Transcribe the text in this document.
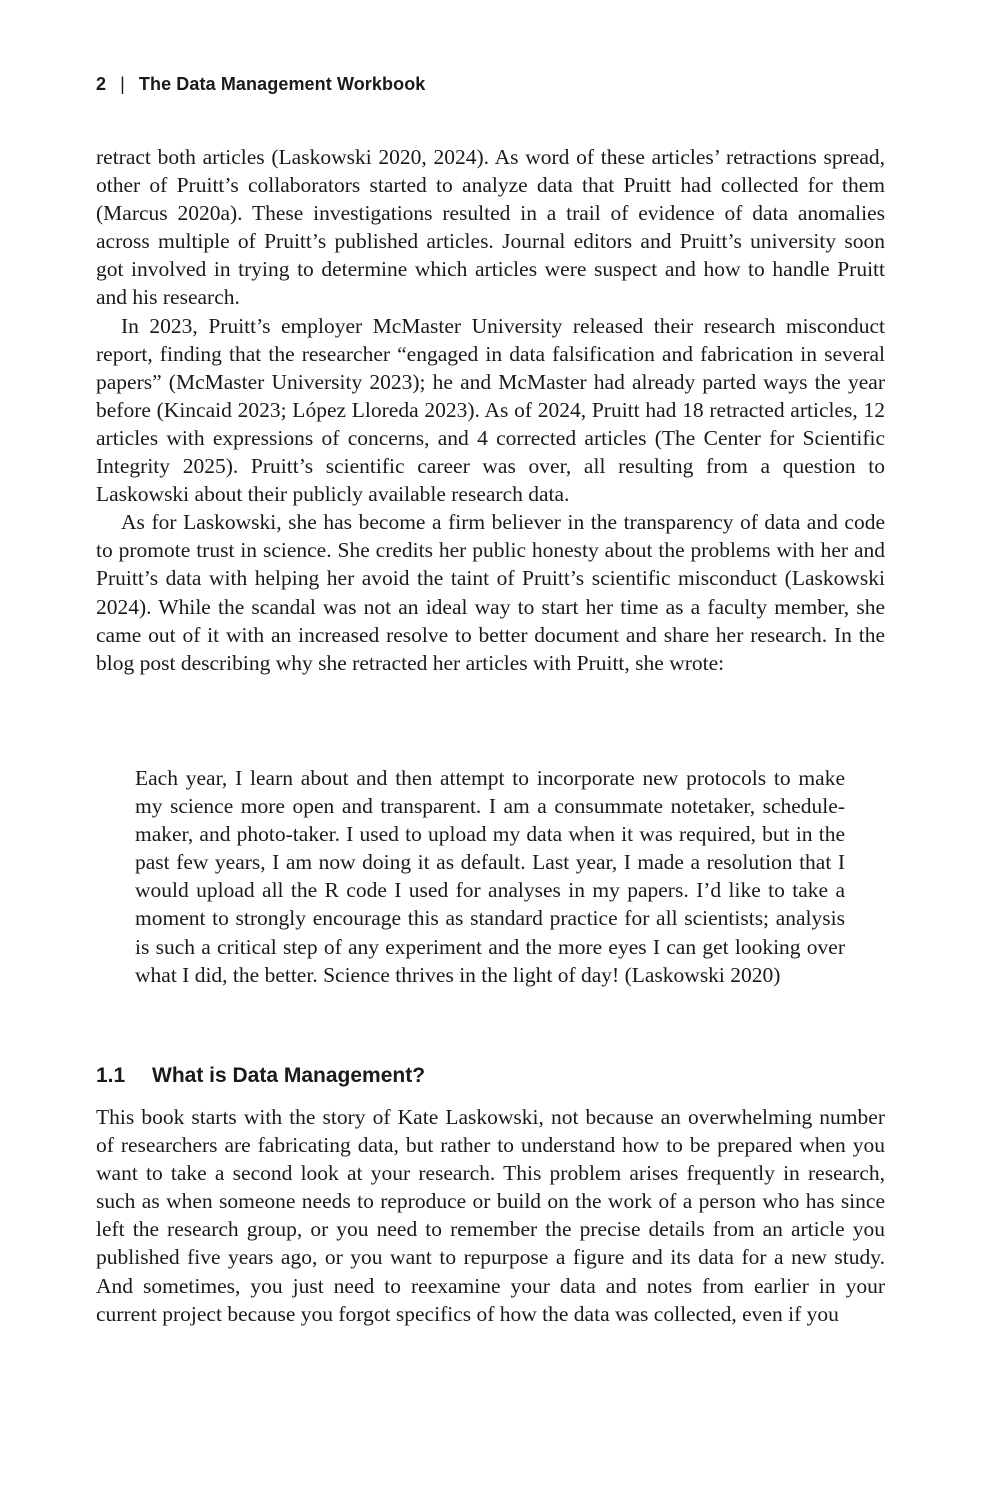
2 | The Data Management Workbook

retract both articles (Laskowski 2020, 2024). As word of these articles’ retractions spread, other of Pruitt’s collaborators started to analyze data that Pruitt had collected for them (Marcus 2020a). These investigations resulted in a trail of evidence of data anomalies across multiple of Pruitt’s published articles. Journal editors and Pruitt’s university soon got involved in trying to determine which articles were suspect and how to handle Pruitt and his research.

In 2023, Pruitt’s employer McMaster University released their research misconduct report, finding that the researcher “engaged in data falsification and fabrication in several papers” (McMaster University 2023); he and McMaster had already parted ways the year before (Kincaid 2023; López Lloreda 2023). As of 2024, Pruitt had 18 retracted articles, 12 articles with expressions of concerns, and 4 corrected articles (The Center for Scientific Integrity 2025). Pruitt’s scientific career was over, all resulting from a question to Laskowski about their publicly available research data.

As for Laskowski, she has become a firm believer in the transparency of data and code to promote trust in science. She credits her public honesty about the problems with her and Pruitt’s data with helping her avoid the taint of Pruitt’s scientific misconduct (Laskowski 2024). While the scandal was not an ideal way to start her time as a faculty member, she came out of it with an increased resolve to better document and share her research. In the blog post describing why she retracted her articles with Pruitt, she wrote:

Each year, I learn about and then attempt to incorporate new protocols to make my science more open and transparent. I am a consummate notetaker, schedule-maker, and photo-taker. I used to upload my data when it was required, but in the past few years, I am now doing it as default. Last year, I made a resolution that I would upload all the R code I used for analyses in my papers. I’d like to take a moment to strongly encourage this as standard practice for all scientists; analysis is such a critical step of any experiment and the more eyes I can get looking over what I did, the better. Science thrives in the light of day! (Laskowski 2020)

1.1 What is Data Management?

This book starts with the story of Kate Laskowski, not because an overwhelming number of researchers are fabricating data, but rather to understand how to be prepared when you want to take a second look at your research. This problem arises frequently in research, such as when someone needs to reproduce or build on the work of a person who has since left the research group, or you need to remember the precise details from an article you published five years ago, or you want to repurpose a figure and its data for a new study. And sometimes, you just need to reexamine your data and notes from earlier in your current project because you forgot specifics of how the data was collected, even if you
